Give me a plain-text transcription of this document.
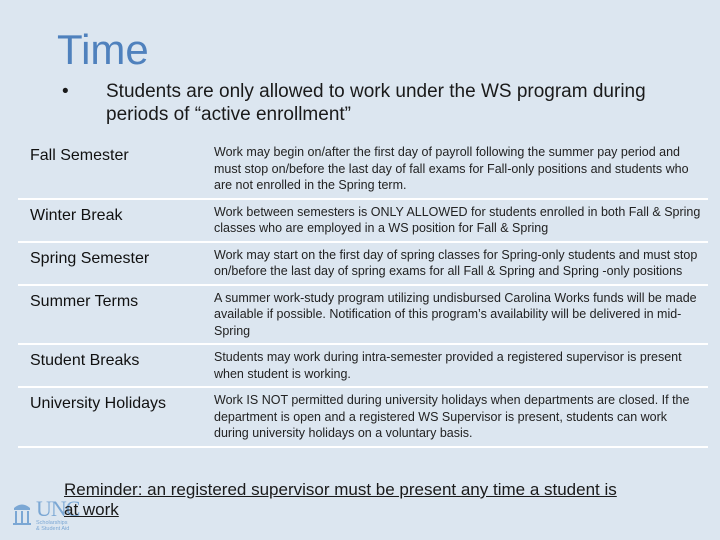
Time
•	Students are only allowed to work under the WS program during periods of “active enrollment”
Fall Semester	Work may begin on/after the first day of payroll following the summer pay period and must stop on/before the last day of fall exams for Fall-only positions and students who are not enrolled in the Spring term.
Winter Break	Work between semesters is ONLY ALLOWED for students enrolled in both Fall & Spring classes who are employed in a WS position for Fall & Spring
Spring Semester	Work may start on the first day of spring classes for Spring-only students and must stop on/before the last day of spring exams for all Fall & Spring and Spring -only positions
Summer Terms	A summer work-study program utilizing undisbursed Carolina Works funds will be made available if possible. Notification of this program’s availability will be delivered in mid-Spring
Student Breaks	Students may work during intra-semester provided a registered supervisor is present when student is working.
University Holidays	Work IS NOT permitted during university holidays when departments are closed. If the department is open and a registered WS Supervisor is present, students can work during university holidays on a voluntary basis.
UNC
Scholarships
& Student Aid
Reminder: an registered supervisor must be present any time a student is at work
